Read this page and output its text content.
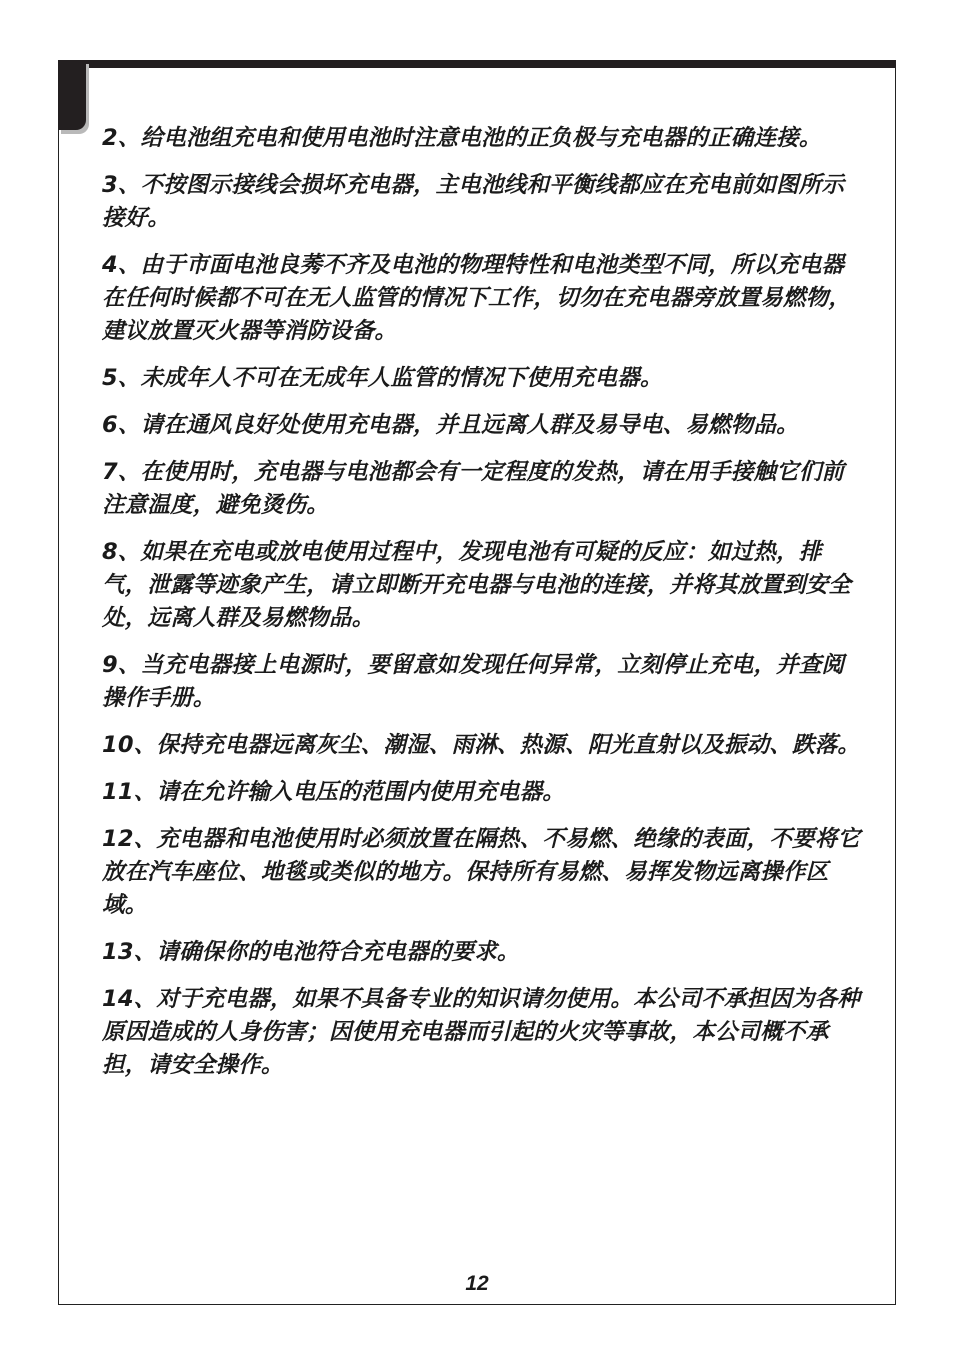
2、给电池组充电和使用电池时注意电池的正负极与充电器的正确连接。

3、不按图示接线会损坏充电器，主电池线和平衡线都应在充电前如图所示接好。

4、由于市面电池良莠不齐及电池的物理特性和电池类型不同，所以充电器在任何时候都不可在无人监管的情况下工作，切勿在充电器旁放置易燃物，建议放置灭火器等消防设备。

5、未成年人不可在无成年人监管的情况下使用充电器。

6、请在通风良好处使用充电器，并且远离人群及易导电、易燃物品。

7、在使用时，充电器与电池都会有一定程度的发热，请在用手接触它们前注意温度，避免烫伤。

8、如果在充电或放电使用过程中，发现电池有可疑的反应：如过热，排气，泄露等迹象产生，请立即断开充电器与电池的连接，并将其放置到安全处，远离人群及易燃物品。

9、当充电器接上电源时，要留意如发现任何异常，立刻停止充电，并查阅操作手册。

10、保持充电器远离灰尘、潮湿、雨淋、热源、阳光直射以及振动、跌落。

11、请在允许输入电压的范围内使用充电器。

12、充电器和电池使用时必须放置在隔热、不易燃、绝缘的表面，不要将它放在汽车座位、地毯或类似的地方。保持所有易燃、易挥发物远离操作区域。

13、请确保你的电池符合充电器的要求。

14、对于充电器，如果不具备专业的知识请勿使用。本公司不承担因为各种原因造成的人身伤害；因使用充电器而引起的火灾等事故，本公司概不承担，请安全操作。

12
